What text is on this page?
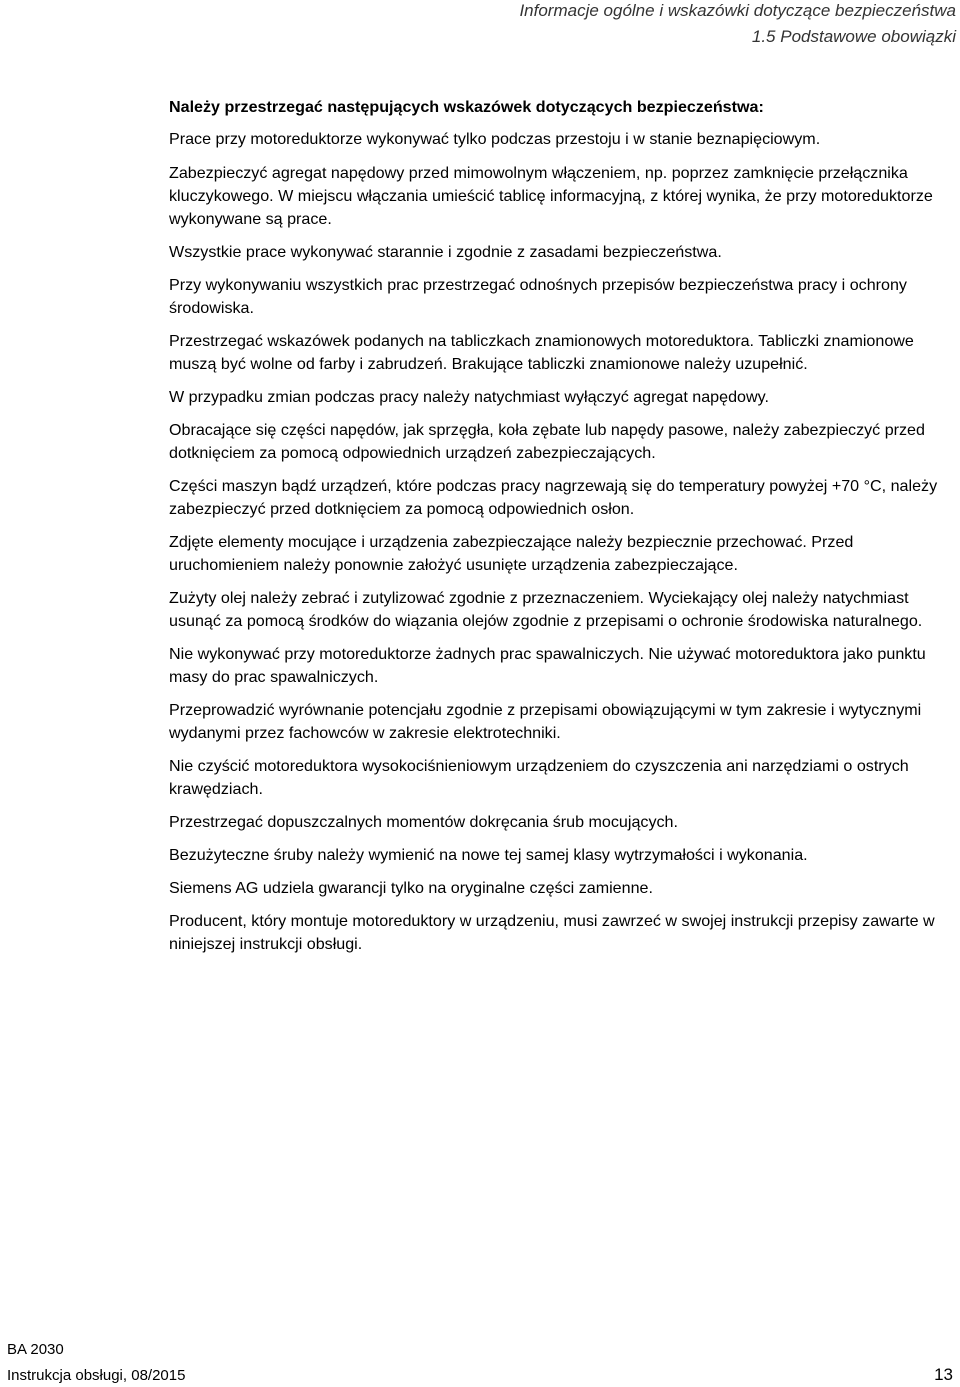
Informacje ogólne i wskazówki dotyczące bezpieczeństwa
1.5 Podstawowe obowiązki
Należy przestrzegać następujących wskazówek dotyczących bezpieczeństwa:

Prace przy motoreduktorze wykonywać tylko podczas przestoju i w stanie beznapięciowym.

Zabezpieczyć agregat napędowy przed mimowolnym włączeniem, np. poprzez zamknięcie przełącznika kluczykowego. W miejscu włączania umieścić tablicę informacyjną, z której wynika, że przy motoreduktorze wykonywane są prace.

Wszystkie prace wykonywać starannie i zgodnie z zasadami bezpieczeństwa.

Przy wykonywaniu wszystkich prac przestrzegać odnośnych przepisów bezpieczeństwa pracy i ochrony środowiska.

Przestrzegać wskazówek podanych na tabliczkach znamionowych motoreduktora. Tabliczki znamionowe muszą być wolne od farby i zabrudzeń. Brakujące tabliczki znamionowe należy uzupełnić.

W przypadku zmian podczas pracy należy natychmiast wyłączyć agregat napędowy.

Obracające się części napędów, jak sprzęgła, koła zębate lub napędy pasowe, należy zabezpieczyć przed dotknięciem za pomocą odpowiednich urządzeń zabezpieczających.

Części maszyn bądź urządzeń, które podczas pracy nagrzewają się do temperatury powyżej +70 °C, należy zabezpieczyć przed dotknięciem za pomocą odpowiednich osłon.

Zdjęte elementy mocujące i urządzenia zabezpieczające należy bezpiecznie przechować. Przed uruchomieniem należy ponownie założyć usunięte urządzenia zabezpieczające.

Zużyty olej należy zebrać i zutylizować zgodnie z przeznaczeniem. Wyciekający olej należy natychmiast usunąć za pomocą środków do wiązania olejów zgodnie z przepisami o ochronie środowiska naturalnego.

Nie wykonywać przy motoreduktorze żadnych prac spawalniczych. Nie używać motoreduktora jako punktu masy do prac spawalniczych.

Przeprowadzić wyrównanie potencjału zgodnie z przepisami obowiązującymi w tym zakresie i wytycznymi wydanymi przez fachowców w zakresie elektrotechniki.

Nie czyścić motoreduktora wysokociśnieniowym urządzeniem do czyszczenia ani narzędziami o ostrych krawędziach.

Przestrzegać dopuszczalnych momentów dokręcania śrub mocujących.

Bezużyteczne śruby należy wymienić na nowe tej samej klasy wytrzymałości i wykonania.

Siemens AG udziela gwarancji tylko na oryginalne części zamienne.

Producent, który montuje motoreduktory w urządzeniu, musi zawrzeć w swojej instrukcji przepisy zawarte w niniejszej instrukcji obsługi.

BA 2030
Instrukcja obsługi, 08/2015	13
